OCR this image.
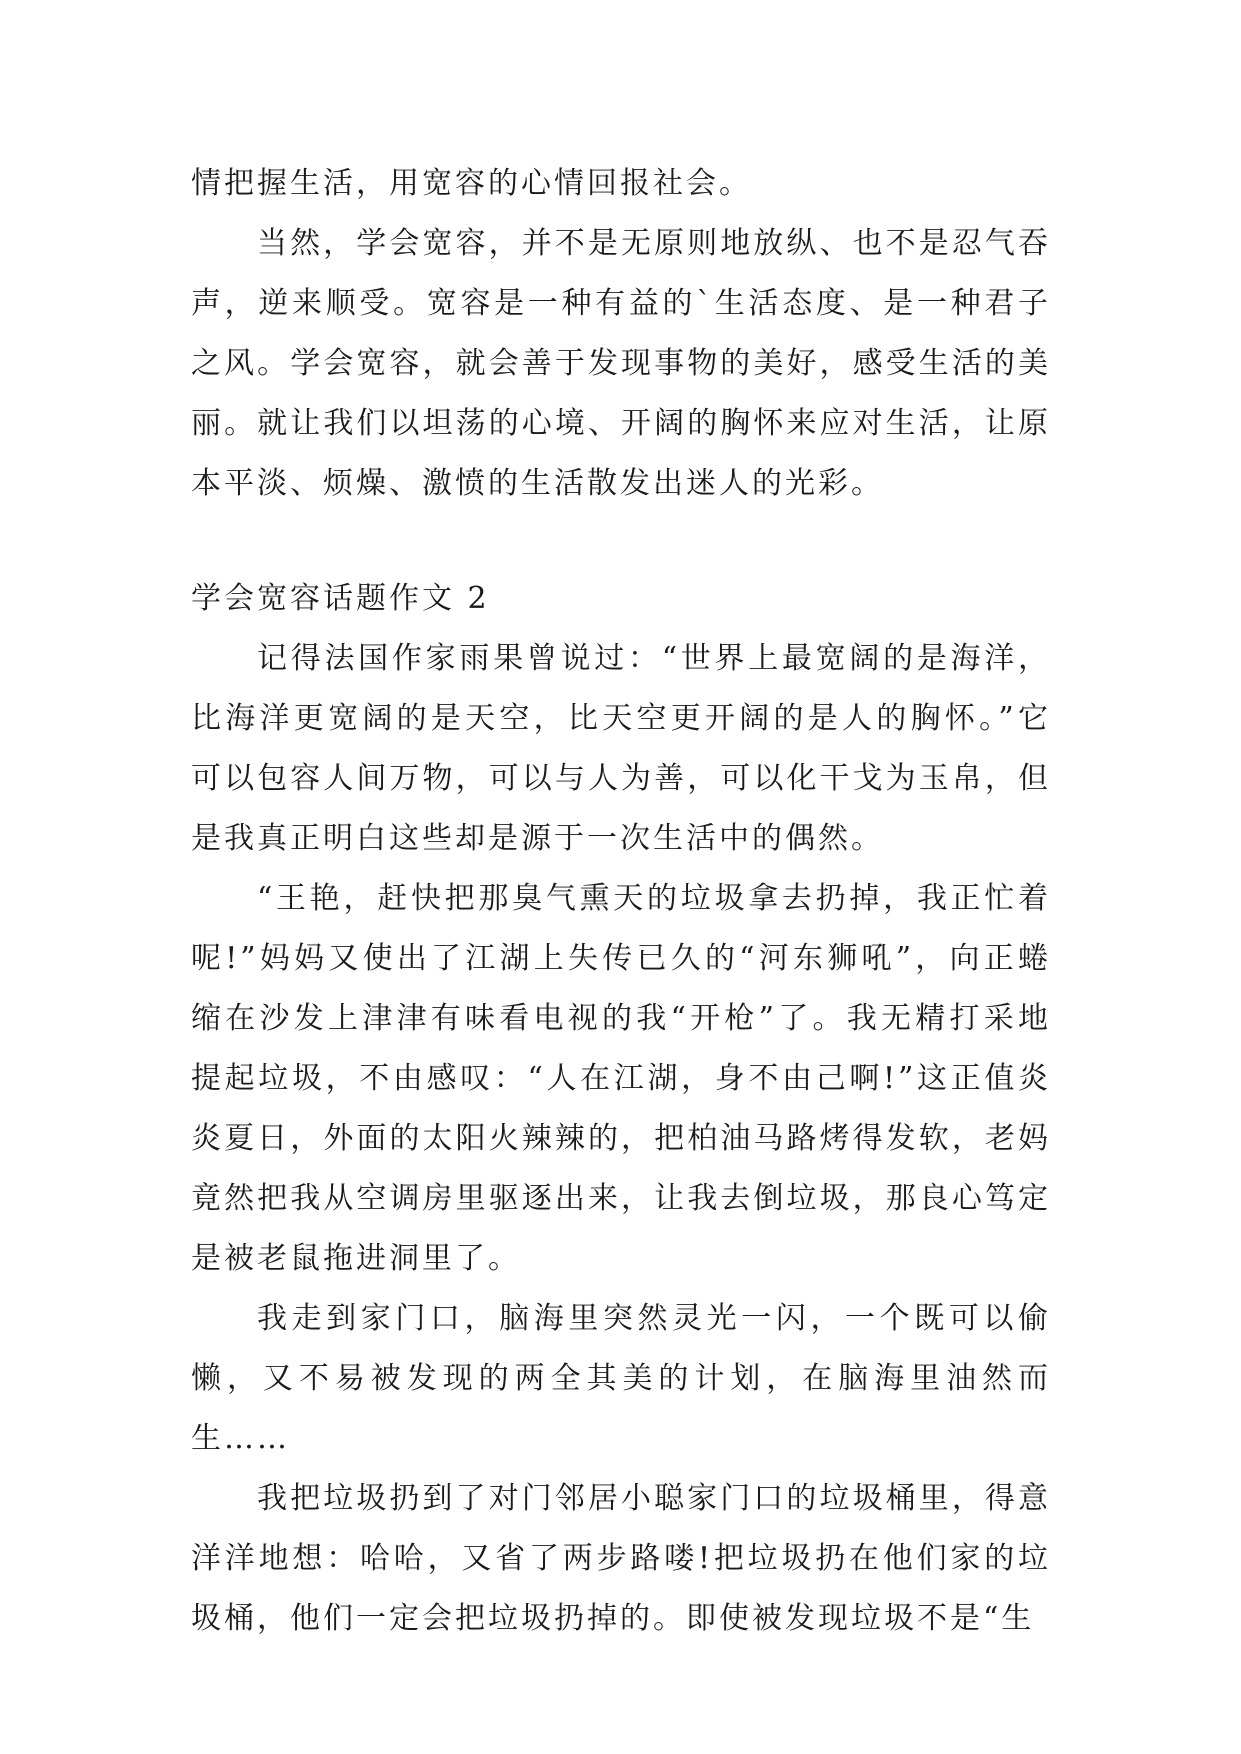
情把握生活，用宽容的心情回报社会。

当然，学会宽容，并不是无原则地放纵、也不是忍气吞声，逆来顺受。宽容是一种有益的`生活态度、是一种君子之风。学会宽容，就会善于发现事物的美好，感受生活的美丽。就让我们以坦荡的心境、开阔的胸怀来应对生活，让原本平淡、烦燥、激愤的生活散发出迷人的光彩。

学会宽容话题作文 2

记得法国作家雨果曾说过：“世界上最宽阔的是海洋，比海洋更宽阔的是天空，比天空更开阔的是人的胸怀。”它可以包容人间万物，可以与人为善，可以化干戈为玉帛，但是我真正明白这些却是源于一次生活中的偶然。

“王艳，赶快把那臭气熏天的垃圾拿去扔掉，我正忙着呢!”妈妈又使出了江湖上失传已久的“河东狮吼”，向正蜷缩在沙发上津津有味看电视的我“开枪”了。我无精打采地提起垃圾，不由感叹：“人在江湖，身不由己啊!”这正值炎炎夏日，外面的太阳火辣辣的，把柏油马路烤得发软，老妈竟然把我从空调房里驱逐出来，让我去倒垃圾，那良心笃定是被老鼠拖进洞里了。

我走到家门口，脑海里突然灵光一闪，一个既可以偷懒，又不易被发现的两全其美的计划，在脑海里油然而生……

我把垃圾扔到了对门邻居小聪家门口的垃圾桶里，得意洋洋地想：哈哈，又省了两步路喽!把垃圾扔在他们家的垃圾桶，他们一定会把垃圾扔掉的。即使被发现垃圾不是“生
